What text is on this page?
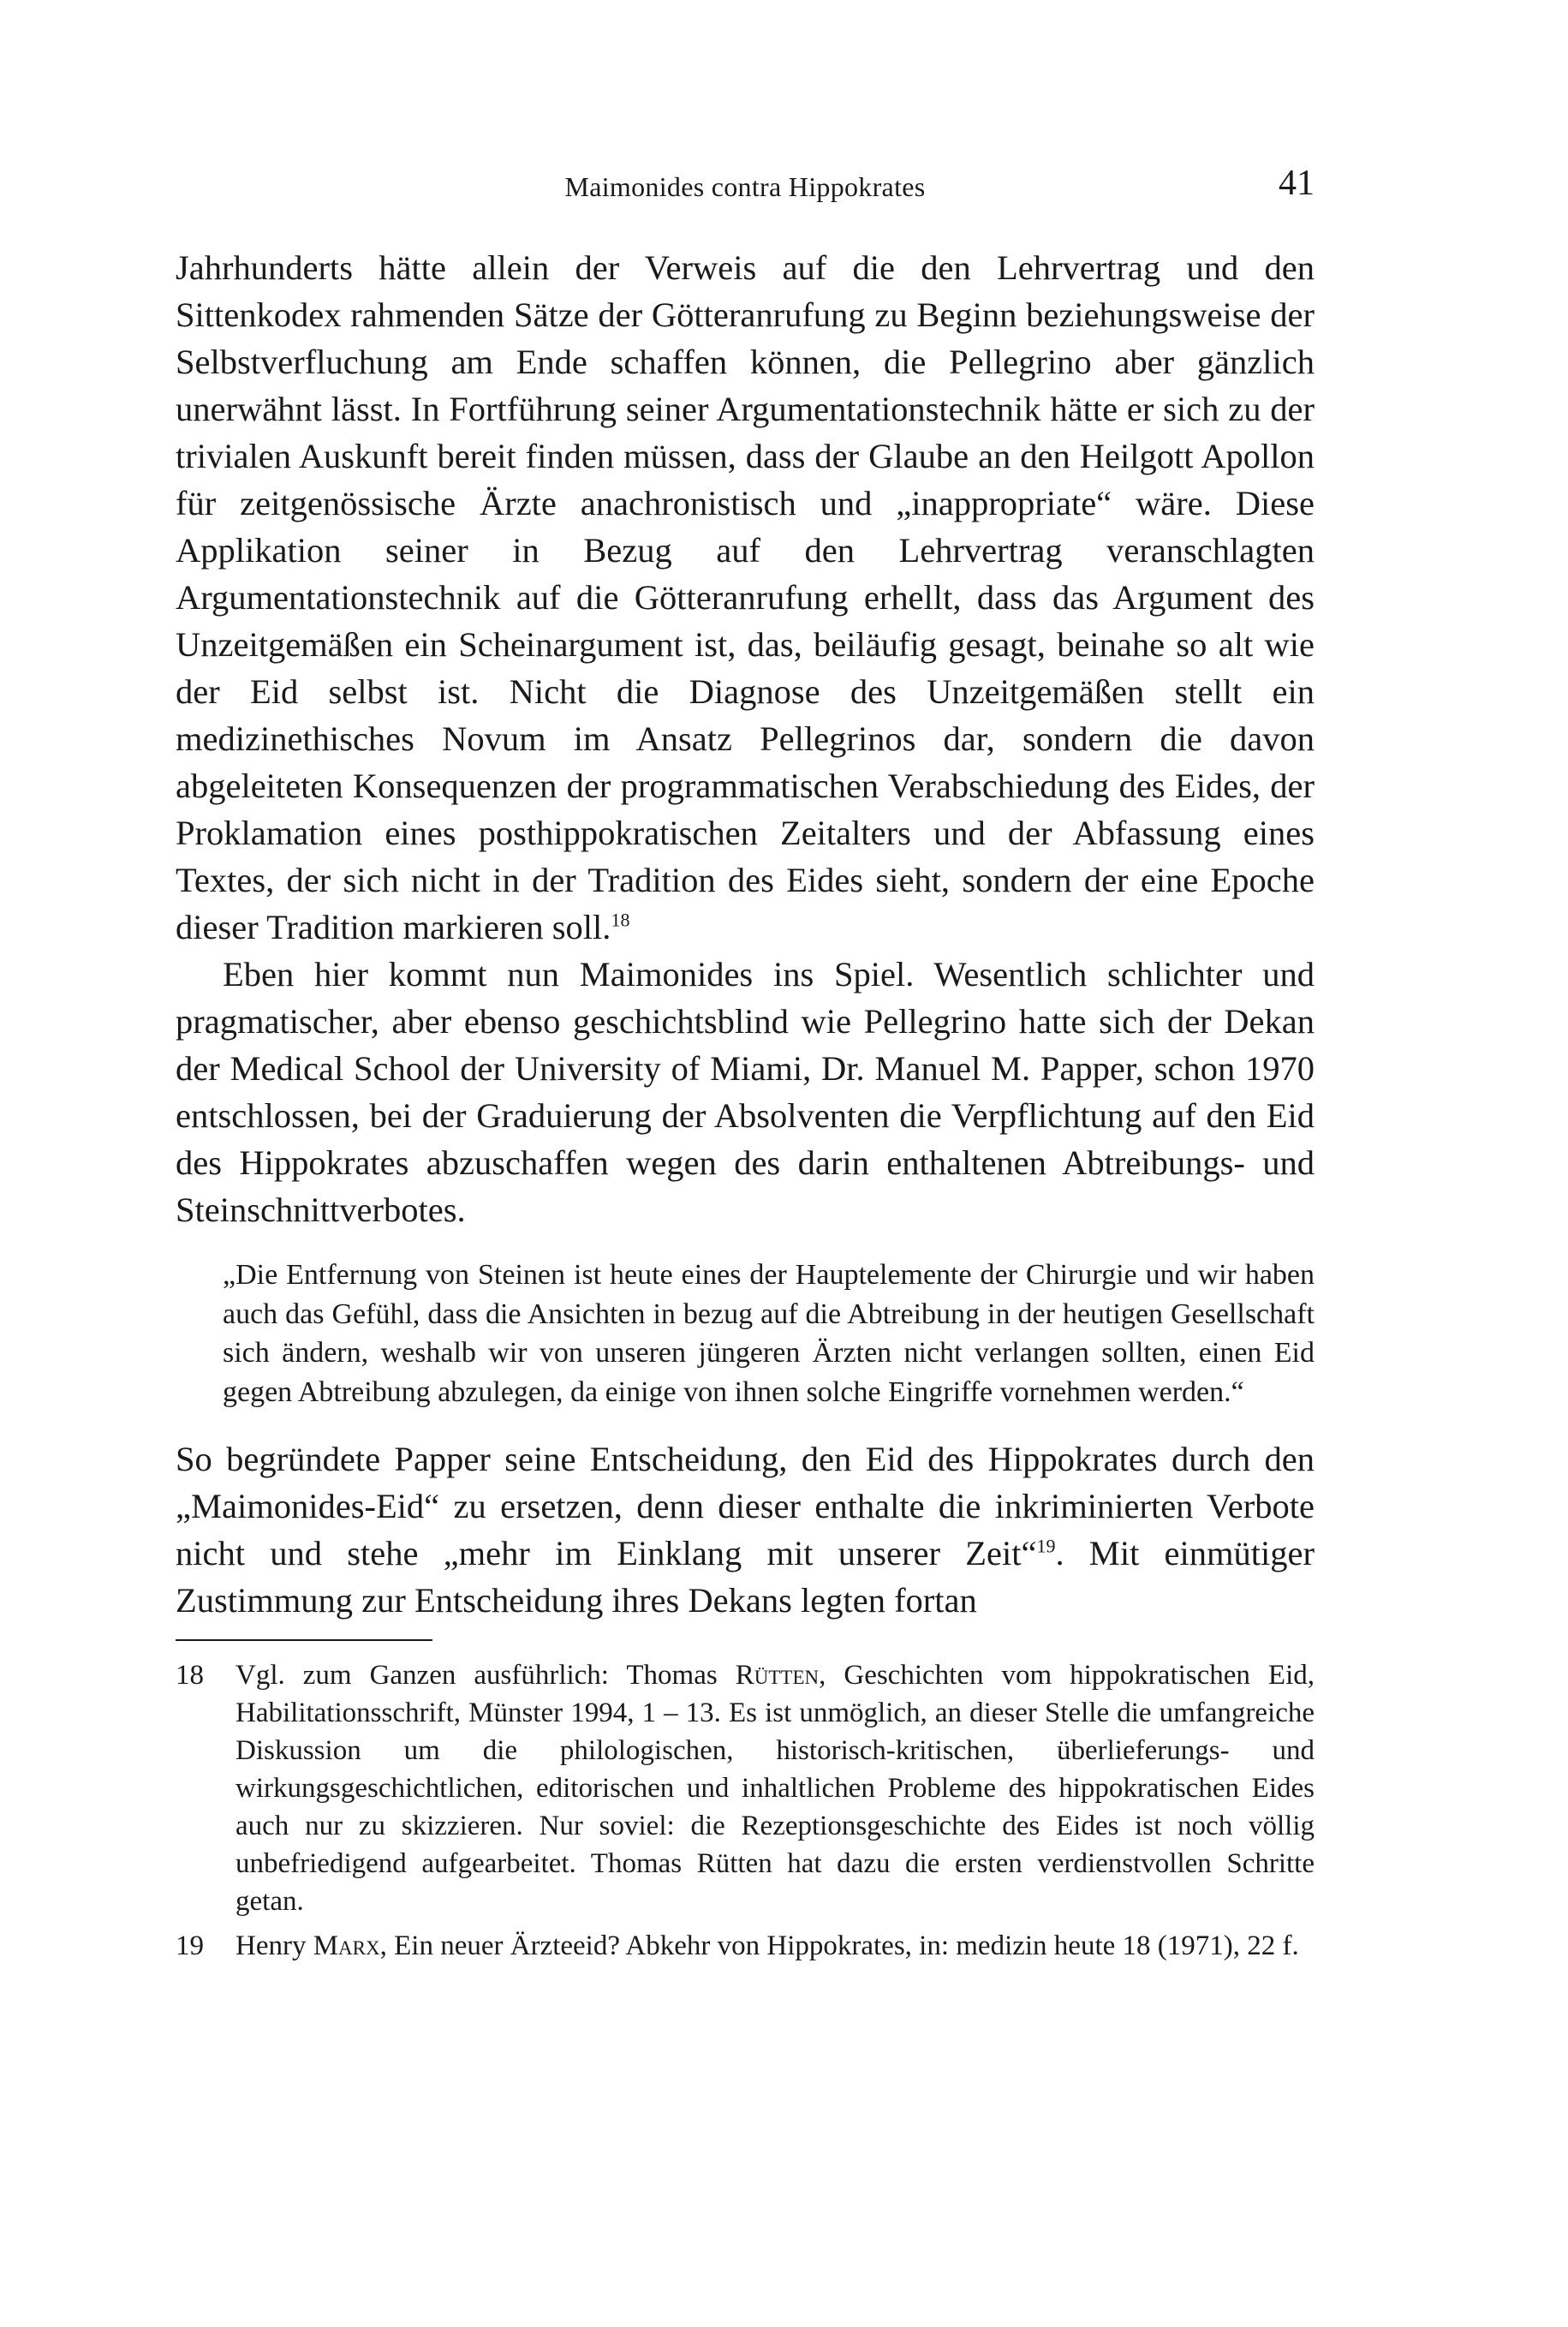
Maimonides contra Hippokrates	41

Jahrhunderts hätte allein der Verweis auf die den Lehrvertrag und den Sittenkodex rahmenden Sätze der Götteranrufung zu Beginn beziehungsweise der Selbstverfluchung am Ende schaffen können, die Pellegrino aber gänzlich unerwähnt lässt. In Fortführung seiner Argumentationstechnik hätte er sich zu der trivialen Auskunft bereit finden müssen, dass der Glaube an den Heilgott Apollon für zeitgenössische Ärzte anachronistisch und „inappropriate“ wäre. Diese Applikation seiner in Bezug auf den Lehrvertrag veranschlagten Argumentationstechnik auf die Götteranrufung erhellt, dass das Argument des Unzeitgemäßen ein Scheinargument ist, das, beiläufig gesagt, beinahe so alt wie der Eid selbst ist. Nicht die Diagnose des Unzeitgemäßen stellt ein medizinethisches Novum im Ansatz Pellegrinos dar, sondern die davon abgeleiteten Konsequenzen der programmatischen Verabschiedung des Eides, der Proklamation eines posthippokratischen Zeitalters und der Abfassung eines Textes, der sich nicht in der Tradition des Eides sieht, sondern der eine Epoche dieser Tradition markieren soll.$^{18}$

Eben hier kommt nun Maimonides ins Spiel. Wesentlich schlichter und pragmatischer, aber ebenso geschichtsblind wie Pellegrino hatte sich der Dekan der Medical School der University of Miami, Dr. Manuel M. Papper, schon 1970 entschlossen, bei der Graduierung der Absolventen die Verpflichtung auf den Eid des Hippokrates abzuschaffen wegen des darin enthaltenen Abtreibungs- und Steinschnittverbotes.

„Die Entfernung von Steinen ist heute eines der Hauptelemente der Chirurgie und wir haben auch das Gefühl, dass die Ansichten in bezug auf die Abtreibung in der heutigen Gesellschaft sich ändern, weshalb wir von unseren jüngeren Ärzten nicht verlangen sollten, einen Eid gegen Abtreibung abzulegen, da einige von ihnen solche Eingriffe vornehmen werden.“

So begründete Papper seine Entscheidung, den Eid des Hippokrates durch den „Maimonides-Eid“ zu ersetzen, denn dieser enthalte die inkriminierten Verbote nicht und stehe „mehr im Einklang mit unserer Zeit“$^{19}$. Mit einmütiger Zustimmung zur Entscheidung ihres Dekans legten fortan

18	Vgl. zum Ganzen ausführlich: Thomas Rütten, Geschichten vom hippokratischen Eid, Habilitationsschrift, Münster 1994, 1 – 13. Es ist unmöglich, an dieser Stelle die umfangreiche Diskussion um die philologischen, historisch-kritischen, überlieferungs- und wirkungsgeschichtlichen, editorischen und inhaltlichen Probleme des hippokratischen Eides auch nur zu skizzieren. Nur soviel: die Rezeptionsgeschichte des Eides ist noch völlig unbefriedigend aufgearbeitet. Thomas Rütten hat dazu die ersten verdienstvollen Schritte getan.
19	Henry Marx, Ein neuer Ärzteeid? Abkehr von Hippokrates, in: medizin heute 18 (1971), 22 f.
